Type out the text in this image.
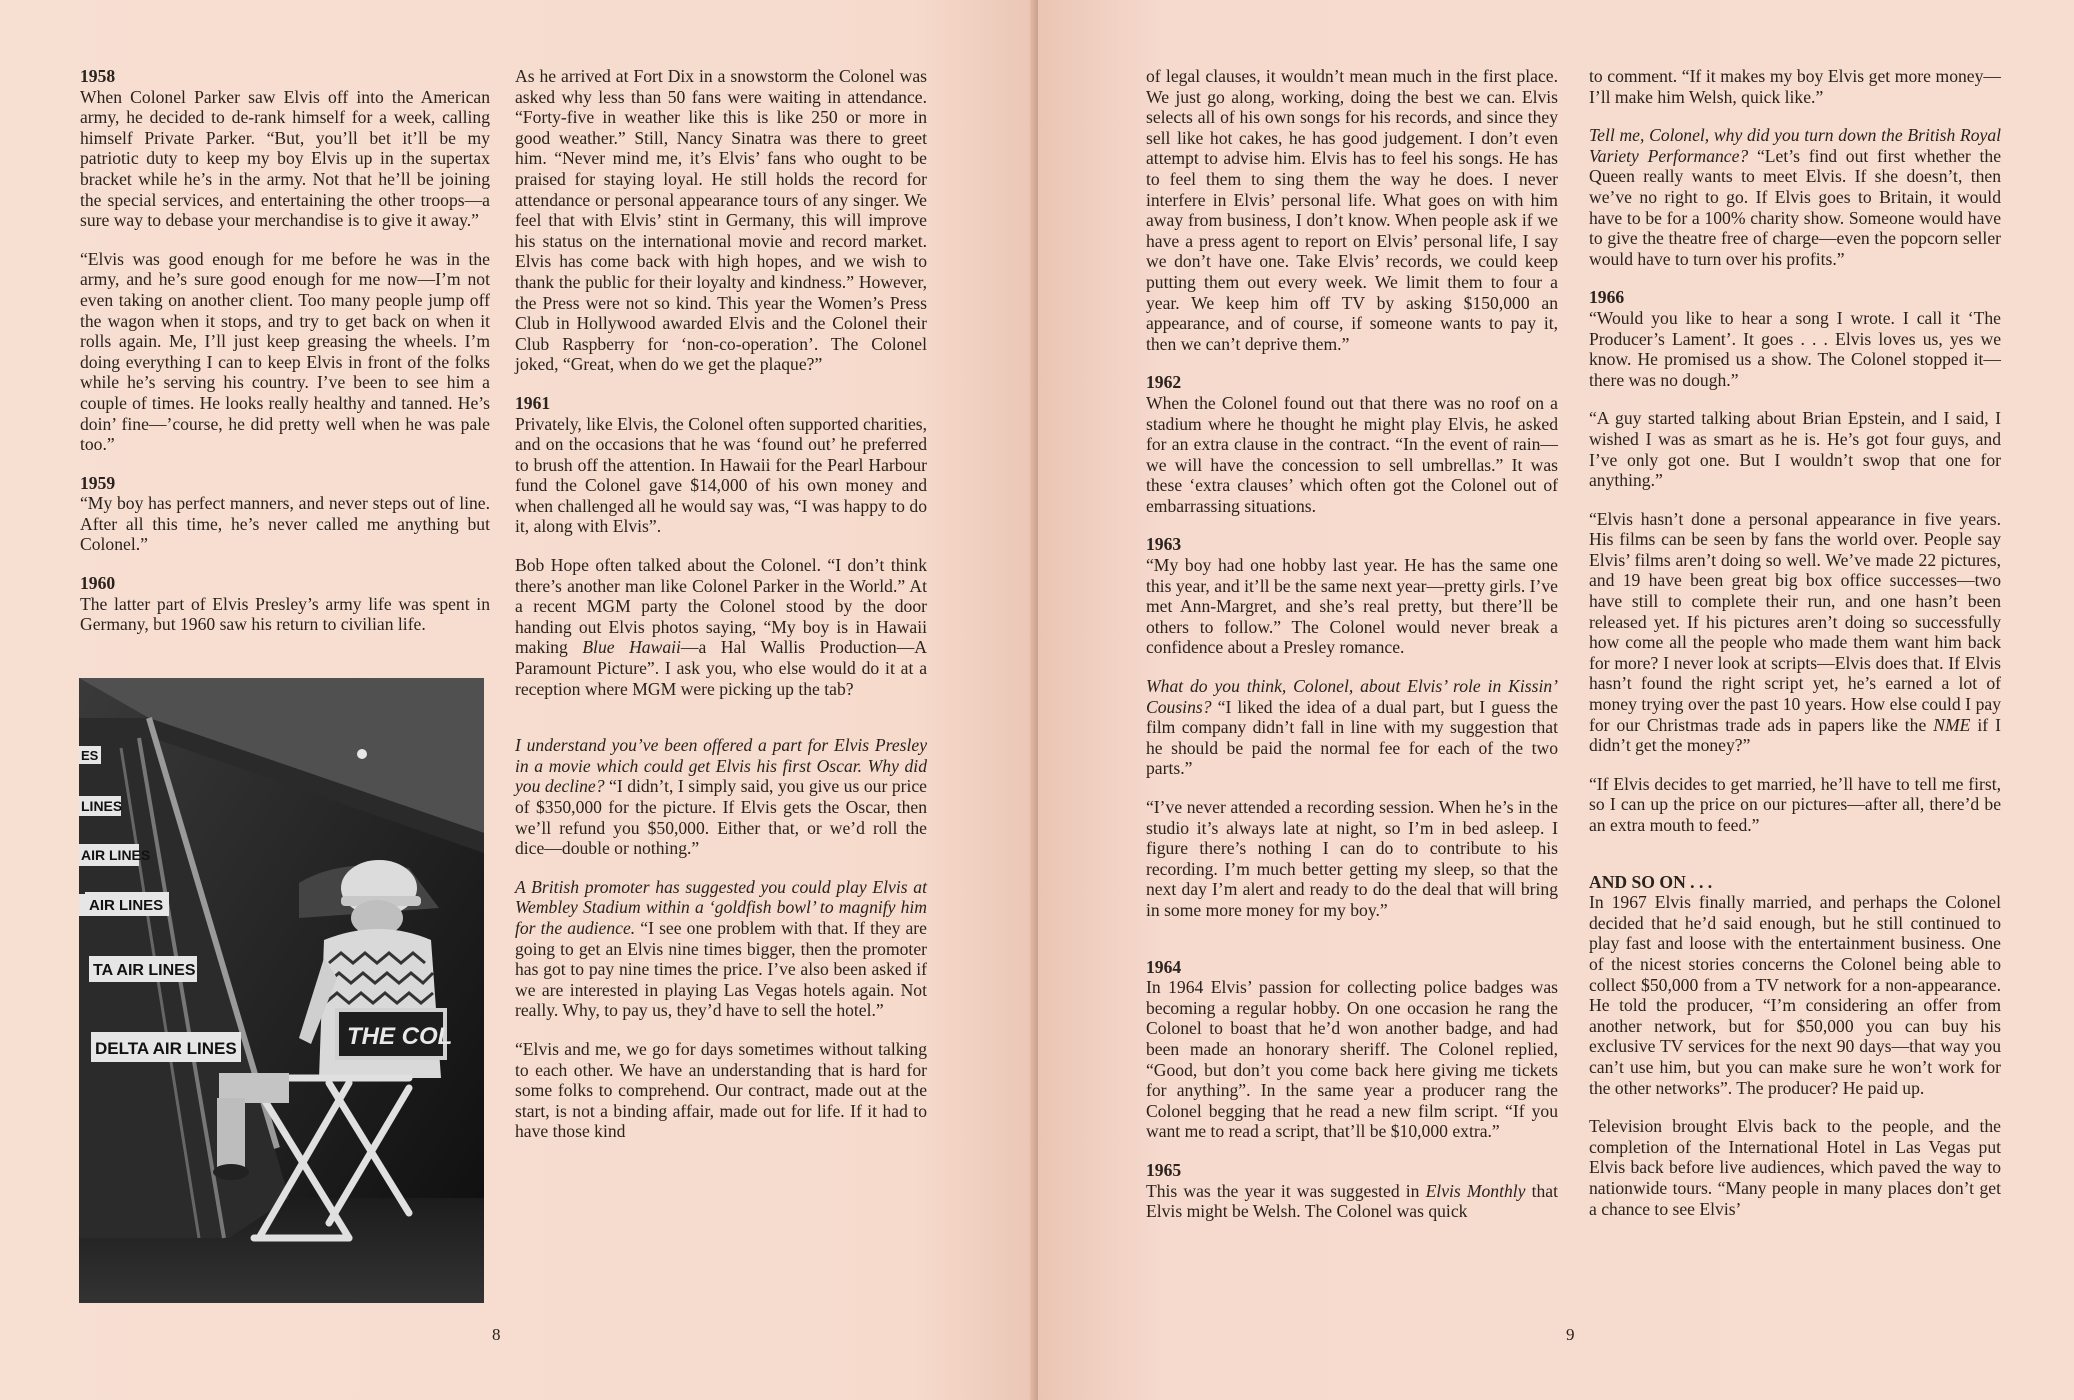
1958

When Colonel Parker saw Elvis off into the American army, he decided to de-rank himself for a week, calling himself Private Parker. “But, you’ll bet it’ll be my patriotic duty to keep my boy Elvis up in the supertax bracket while he’s in the army. Not that he’ll be joining the special services, and entertaining the other troops—a sure way to debase your merchandise is to give it away.”

“Elvis was good enough for me before he was in the army, and he’s sure good enough for me now—I’m not even taking on another client. Too many people jump off the wagon when it stops, and try to get back on when it rolls again. Me, I’ll just keep greasing the wheels. I’m doing everything I can to keep Elvis in front of the folks while he’s serving his country. I’ve been to see him a couple of times. He looks really healthy and tanned. He’s doin’ fine—’course, he did pretty well when he was pale too.”

1959

“My boy has perfect manners, and never steps out of line. After all this time, he’s never called me anything but Colonel.”

1960

The latter part of Elvis Presley’s army life was spent in Germany, but 1960 saw his return to civilian life.

ES
LINES
AIR LINES
AIR LINES
TA AIR LINES
DELTA AIR LINES	THE COL

As he arrived at Fort Dix in a snowstorm the Colonel was asked why less than 50 fans were waiting in attendance. “Forty-five in weather like this is like 250 or more in good weather.” Still, Nancy Sinatra was there to greet him. “Never mind me, it’s Elvis’ fans who ought to be praised for staying loyal. He still holds the record for attendance or personal appearance tours of any singer. We feel that with Elvis’ stint in Germany, this will improve his status on the international movie and record market. Elvis has come back with high hopes, and we wish to thank the public for their loyalty and kindness.” However, the Press were not so kind. This year the Women’s Press Club in Hollywood awarded Elvis and the Colonel their Club Raspberry for ‘non-co-operation’. The Colonel joked, “Great, when do we get the plaque?”

1961

Privately, like Elvis, the Colonel often supported charities, and on the occasions that he was ‘found out’ he preferred to brush off the attention. In Hawaii for the Pearl Harbour fund the Colonel gave $14,000 of his own money and when challenged all he would say was, “I was happy to do it, along with Elvis”.

Bob Hope often talked about the Colonel. “I don’t think there’s another man like Colonel Parker in the World.” At a recent MGM party the Colonel stood by the door handing out Elvis photos saying, “My boy is in Hawaii making Blue Hawaii—a Hal Wallis Production—A Paramount Picture”. I ask you, who else would do it at a reception where MGM were picking up the tab?

I understand you’ve been offered a part for Elvis Presley in a movie which could get Elvis his first Oscar. Why did you decline? “I didn’t, I simply said, you give us our price of $350,000 for the picture. If Elvis gets the Oscar, then we’ll refund you $50,000. Either that, or we’d roll the dice—double or nothing.”

A British promoter has suggested you could play Elvis at Wembley Stadium within a ‘goldfish bowl’ to magnify him for the audience. “I see one problem with that. If they are going to get an Elvis nine times bigger, then the promoter has got to pay nine times the price. I’ve also been asked if we are interested in playing Las Vegas hotels again. Not really. Why, to pay us, they’d have to sell the hotel.”

“Elvis and me, we go for days sometimes without talking to each other. We have an understanding that is hard for some folks to comprehend. Our contract, made out at the start, is not a binding affair, made out for life. If it had to have those kind

8

of legal clauses, it wouldn’t mean much in the first place. We just go along, working, doing the best we can. Elvis selects all of his own songs for his records, and since they sell like hot cakes, he has good judgement. I don’t even attempt to advise him. Elvis has to feel his songs. He has to feel them to sing them the way he does. I never interfere in Elvis’ personal life. What goes on with him away from business, I don’t know. When people ask if we have a press agent to report on Elvis’ personal life, I say we don’t have one. Take Elvis’ records, we could keep putting them out every week. We limit them to four a year. We keep him off TV by asking $150,000 an appearance, and of course, if someone wants to pay it, then we can’t deprive them.”

1962

When the Colonel found out that there was no roof on a stadium where he thought he might play Elvis, he asked for an extra clause in the contract. “In the event of rain—we will have the concession to sell umbrellas.” It was these ‘extra clauses’ which often got the Colonel out of embarrassing situations.

1963

“My boy had one hobby last year. He has the same one this year, and it’ll be the same next year—pretty girls. I’ve met Ann-Margret, and she’s real pretty, but there’ll be others to follow.” The Colonel would never break a confidence about a Presley romance.

What do you think, Colonel, about Elvis’ role in Kissin’ Cousins? “I liked the idea of a dual part, but I guess the film company didn’t fall in line with my suggestion that he should be paid the normal fee for each of the two parts.”

“I’ve never attended a recording session. When he’s in the studio it’s always late at night, so I’m in bed asleep. I figure there’s nothing I can do to contribute to his recording. I’m much better getting my sleep, so that the next day I’m alert and ready to do the deal that will bring in some more money for my boy.”

1964

In 1964 Elvis’ passion for collecting police badges was becoming a regular hobby. On one occasion he rang the Colonel to boast that he’d won another badge, and had been made an honorary sheriff. The Colonel replied, “Good, but don’t you come back here giving me tickets for anything”. In the same year a producer rang the Colonel begging that he read a new film script. “If you want me to read a script, that’ll be $10,000 extra.”

1965

This was the year it was suggested in Elvis Monthly that Elvis might be Welsh. The Colonel was quick

to comment. “If it makes my boy Elvis get more money—I’ll make him Welsh, quick like.”

Tell me, Colonel, why did you turn down the British Royal Variety Performance? “Let’s find out first whether the Queen really wants to meet Elvis. If she doesn’t, then we’ve no right to go. If Elvis goes to Britain, it would have to be for a 100% charity show. Someone would have to give the theatre free of charge—even the popcorn seller would have to turn over his profits.”

1966

“Would you like to hear a song I wrote. I call it ‘The Producer’s Lament’. It goes . . . Elvis loves us, yes we know. He promised us a show. The Colonel stopped it—there was no dough.”

“A guy started talking about Brian Epstein, and I said, I wished I was as smart as he is. He’s got four guys, and I’ve only got one. But I wouldn’t swop that one for anything.”

“Elvis hasn’t done a personal appearance in five years. His films can be seen by fans the world over. People say Elvis’ films aren’t doing so well. We’ve made 22 pictures, and 19 have been great big box office successes—two have still to complete their run, and one hasn’t been released yet. If his pictures aren’t doing so successfully how come all the people who made them want him back for more? I never look at scripts—Elvis does that. If Elvis hasn’t found the right script yet, he’s earned a lot of money trying over the past 10 years. How else could I pay for our Christmas trade ads in papers like the NME if I didn’t get the money?”

“If Elvis decides to get married, he’ll have to tell me first, so I can up the price on our pictures—after all, there’d be an extra mouth to feed.”

AND SO ON . . .

In 1967 Elvis finally married, and perhaps the Colonel decided that he’d said enough, but he still continued to play fast and loose with the entertainment business. One of the nicest stories concerns the Colonel being able to collect $50,000 from a TV network for a non-appearance. He told the producer, “I’m considering an offer from another network, but for $50,000 you can buy his exclusive TV services for the next 90 days—that way you can’t use him, but you can make sure he won’t work for the other networks”. The producer? He paid up.

Television brought Elvis back to the people, and the completion of the International Hotel in Las Vegas put Elvis back before live audiences, which paved the way to nationwide tours. “Many people in many places don’t get a chance to see Elvis’

9
